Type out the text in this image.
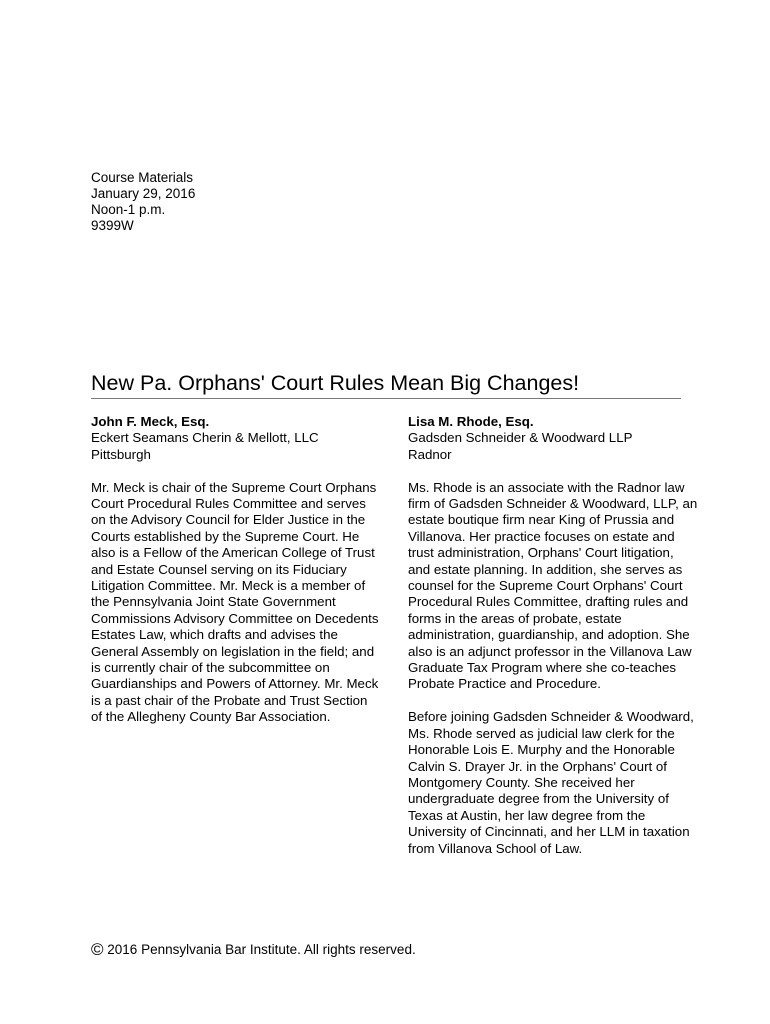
Course Materials
January 29, 2016
Noon-1 p.m.
9399W
New Pa. Orphans' Court Rules Mean Big Changes!
John F. Meck, Esq.
Eckert Seamans Cherin & Mellott, LLC
Pittsburgh

Mr. Meck is chair of the Supreme Court Orphans Court Procedural Rules Committee and serves on the Advisory Council for Elder Justice in the Courts established by the Supreme Court. He also is a Fellow of the American College of Trust and Estate Counsel serving on its Fiduciary Litigation Committee. Mr. Meck is a member of the Pennsylvania Joint State Government Commissions Advisory Committee on Decedents Estates Law, which drafts and advises the General Assembly on legislation in the field; and is currently chair of the subcommittee on Guardianships and Powers of Attorney. Mr. Meck is a past chair of the Probate and Trust Section of the Allegheny County Bar Association.

Lisa M. Rhode, Esq.
Gadsden Schneider & Woodward LLP
Radnor

Ms. Rhode is an associate with the Radnor law firm of Gadsden Schneider & Woodward, LLP, an estate boutique firm near King of Prussia and Villanova. Her practice focuses on estate and trust administration, Orphans' Court litigation, and estate planning. In addition, she serves as counsel for the Supreme Court Orphans' Court Procedural Rules Committee, drafting rules and forms in the areas of probate, estate administration, guardianship, and adoption. She also is an adjunct professor in the Villanova Law Graduate Tax Program where she co-teaches Probate Practice and Procedure.

Before joining Gadsden Schneider & Woodward, Ms. Rhode served as judicial law clerk for the Honorable Lois E. Murphy and the Honorable Calvin S. Drayer Jr. in the Orphans' Court of Montgomery County. She received her undergraduate degree from the University of Texas at Austin, her law degree from the University of Cincinnati, and her LLM in taxation from Villanova School of Law.

© 2016 Pennsylvania Bar Institute. All rights reserved.
